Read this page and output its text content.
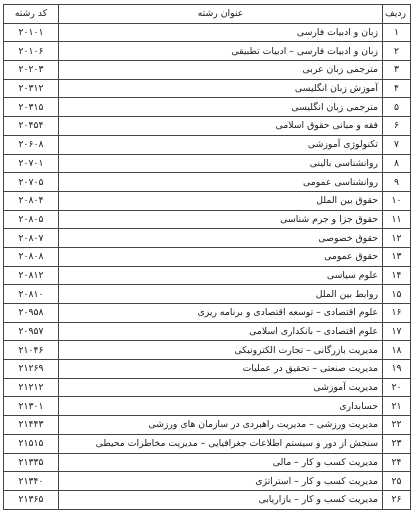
ردیف	عنوان رشته	کد رشته
۱	زبان و ادبیات فارسی	۲۰۱۰۱
۲	زبان و ادبیات فارسی – ادبیات تطبیقی	۲۰۱۰۶
۳	مترجمی زبان عربی	۲۰۲۰۳
۴	آموزش زبان انگلیسی	۲۰۳۱۲
۵	مترجمی زبان انگلیسی	۲۰۳۱۵
۶	فقه و مبانی حقوق اسلامی	۲۰۴۵۴
۷	تکنولوژی آموزشی	۲۰۶۰۸
۸	روانشناسی بالینی	۲۰۷۰۱
۹	روانشناسی عمومی	۲۰۷۰۵
۱۰	حقوق بین الملل	۲۰۸۰۴
۱۱	حقوق جزا و جرم شناسی	۲۰۸۰۵
۱۲	حقوق خصوصی	۲۰۸۰۷
۱۳	حقوق عمومی	۲۰۸۰۸
۱۴	علوم سیاسی	۲۰۸۱۲
۱۵	روابط بین الملل	۲۰۸۱۰
۱۶	علوم اقتصادی – توسعه اقتصادی و برنامه ریزی	۲۰۹۵۸
۱۷	علوم اقتصادی – بانکداری اسلامی	۲۰۹۵۷
۱۸	مدیریت بازرگانی – تجارت الکترونیکی	۲۱۰۴۶
۱۹	مدیریت صنعتی – تحقیق در عملیات	۲۱۲۶۹
۲۰	مدیریت آموزشی	۲۱۲۱۲
۲۱	حسابداری	۲۱۳۰۱
۲۲	مدیریت ورزشی – مدیریت راهبردی در سازمان های ورزشی	۲۱۴۴۳
۲۳	سنجش از دور و سیستم اطلاعات جغرافیایی – مدیریت مخاطرات محیطی	۲۱۵۱۵
۲۴	مدیریت کسب و کار – مالی	۲۱۳۳۵
۲۵	مدیریت کسب و کار – استراتژی	۲۱۳۴۰
۲۶	مدیریت کسب و کار – بازاریابی	۲۱۳۶۵
